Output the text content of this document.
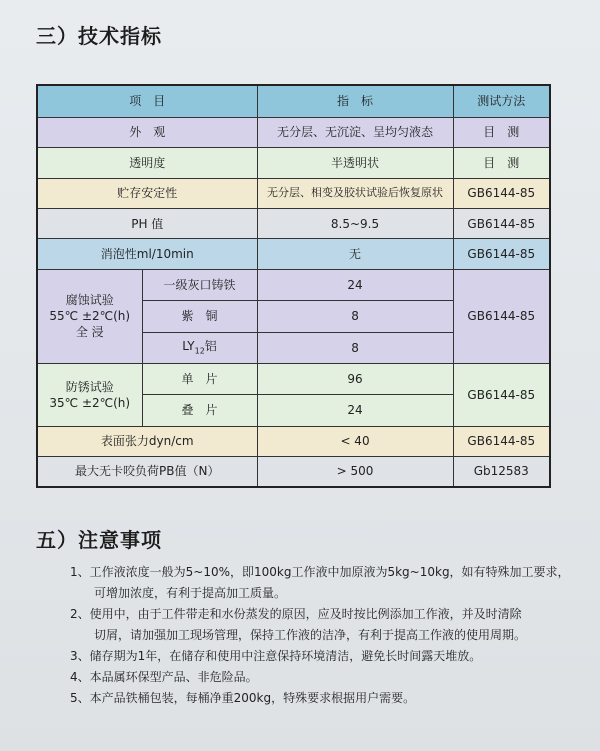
三）技术指标
项　目		指　标	测试方法
外　观		无分层、无沉淀、呈均匀液态	目　测
透明度		半透明状	目　测
贮存安定性		无分层、相变及胶状试验后恢复原状	GB6144-85
PH 值		8.5~9.5	GB6144-85
消泡性ml/10min		无	GB6144-85

腐蚀试验
55℃ ±2℃(h)
全 浸	一级灰口铸铁	24	GB6144-85
	紫　铜	8	
	$LY_{12}$铝	8	

防锈试验
35℃ ±2℃(h)	单　片	96	GB6144-85
	叠　片	24	
表面张力dyn/cm		< 40	GB6144-85
最大无卡咬负荷PB值（N）		> 500	Gb12583
五）注意事项
1、工作液浓度一般为5~10%，即100kg工作液中加原液为5kg~10kg，如有特殊加工要求，
　　可增加浓度，有利于提高加工质量。
2、使用中，由于工件带走和水份蒸发的原因，应及时按比例添加工作液，并及时清除
　　切屑，请加强加工现场管理，保持工作液的洁净，有利于提高工作液的使用周期。
3、储存期为1年，在储存和使用中注意保持环境清洁，避免长时间露天堆放。
4、本品属环保型产品、非危险品。
5、本产品铁桶包装，每桶净重200kg，特殊要求根据用户需要。
